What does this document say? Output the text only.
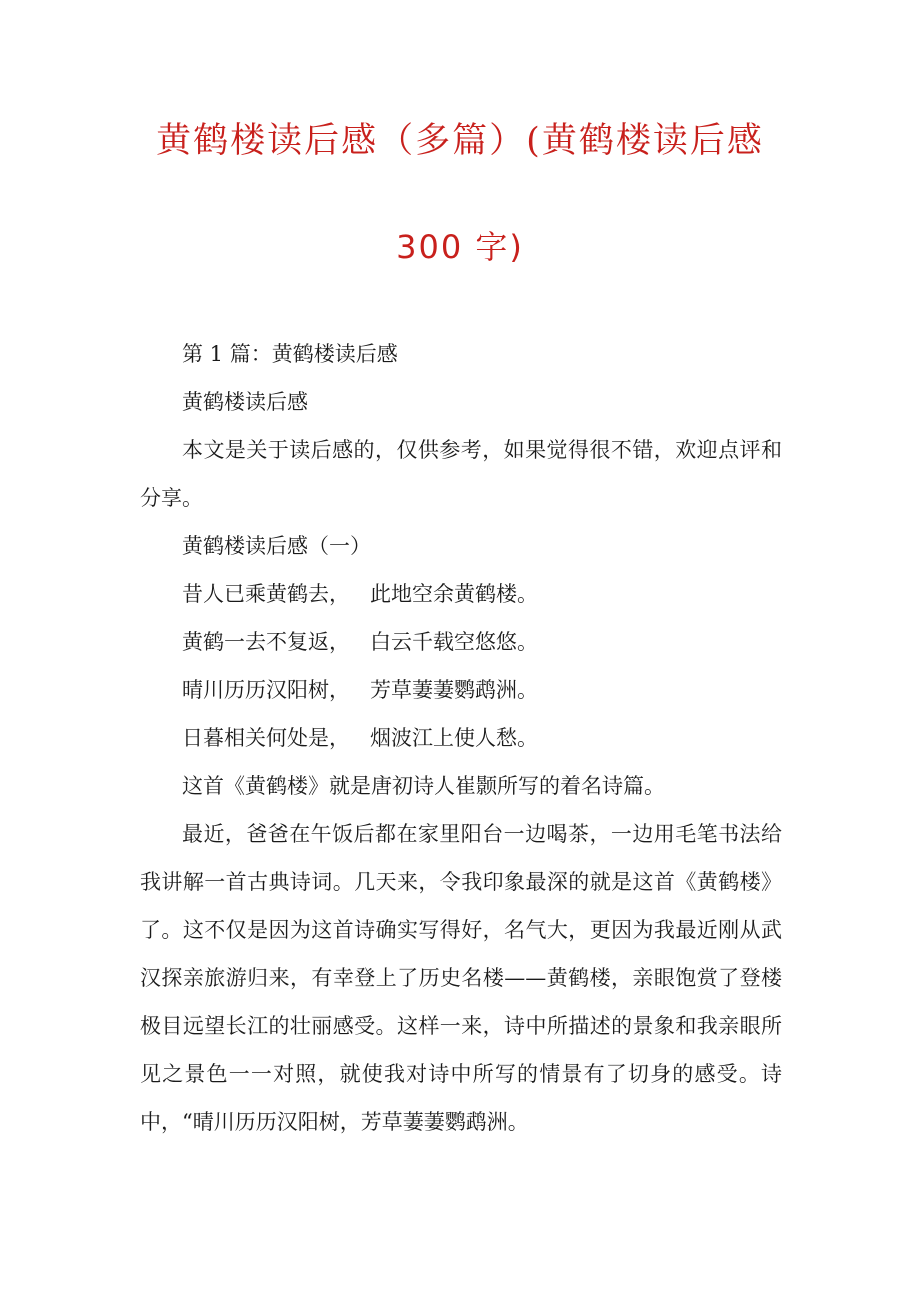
黄鹤楼读后感（多篇）(黄鹤楼读后感
300 字)

第 1 篇：黄鹤楼读后感

黄鹤楼读后感

本文是关于读后感的，仅供参考，如果觉得很不错，欢迎点评和分享。

黄鹤楼读后感（一）

昔人已乘黄鹤去， 此地空余黄鹤楼。

黄鹤一去不复返， 白云千载空悠悠。

晴川历历汉阳树， 芳草萋萋鹦鹉洲。

日暮相关何处是， 烟波江上使人愁。

这首《黄鹤楼》就是唐初诗人崔颢所写的着名诗篇。

最近，爸爸在午饭后都在家里阳台一边喝茶，一边用毛笔书法给我讲解一首古典诗词。几天来，令我印象最深的就是这首《黄鹤楼》了。这不仅是因为这首诗确实写得好，名气大，更因为我最近刚从武汉探亲旅游归来，有幸登上了历史名楼——黄鹤楼，亲眼饱赏了登楼极目远望长江的壮丽感受。这样一来，诗中所描述的景象和我亲眼所见之景色一一对照，就使我对诗中所写的情景有了切身的感受。诗中，“晴川历历汉阳树，芳草萋萋鹦鹉洲。
